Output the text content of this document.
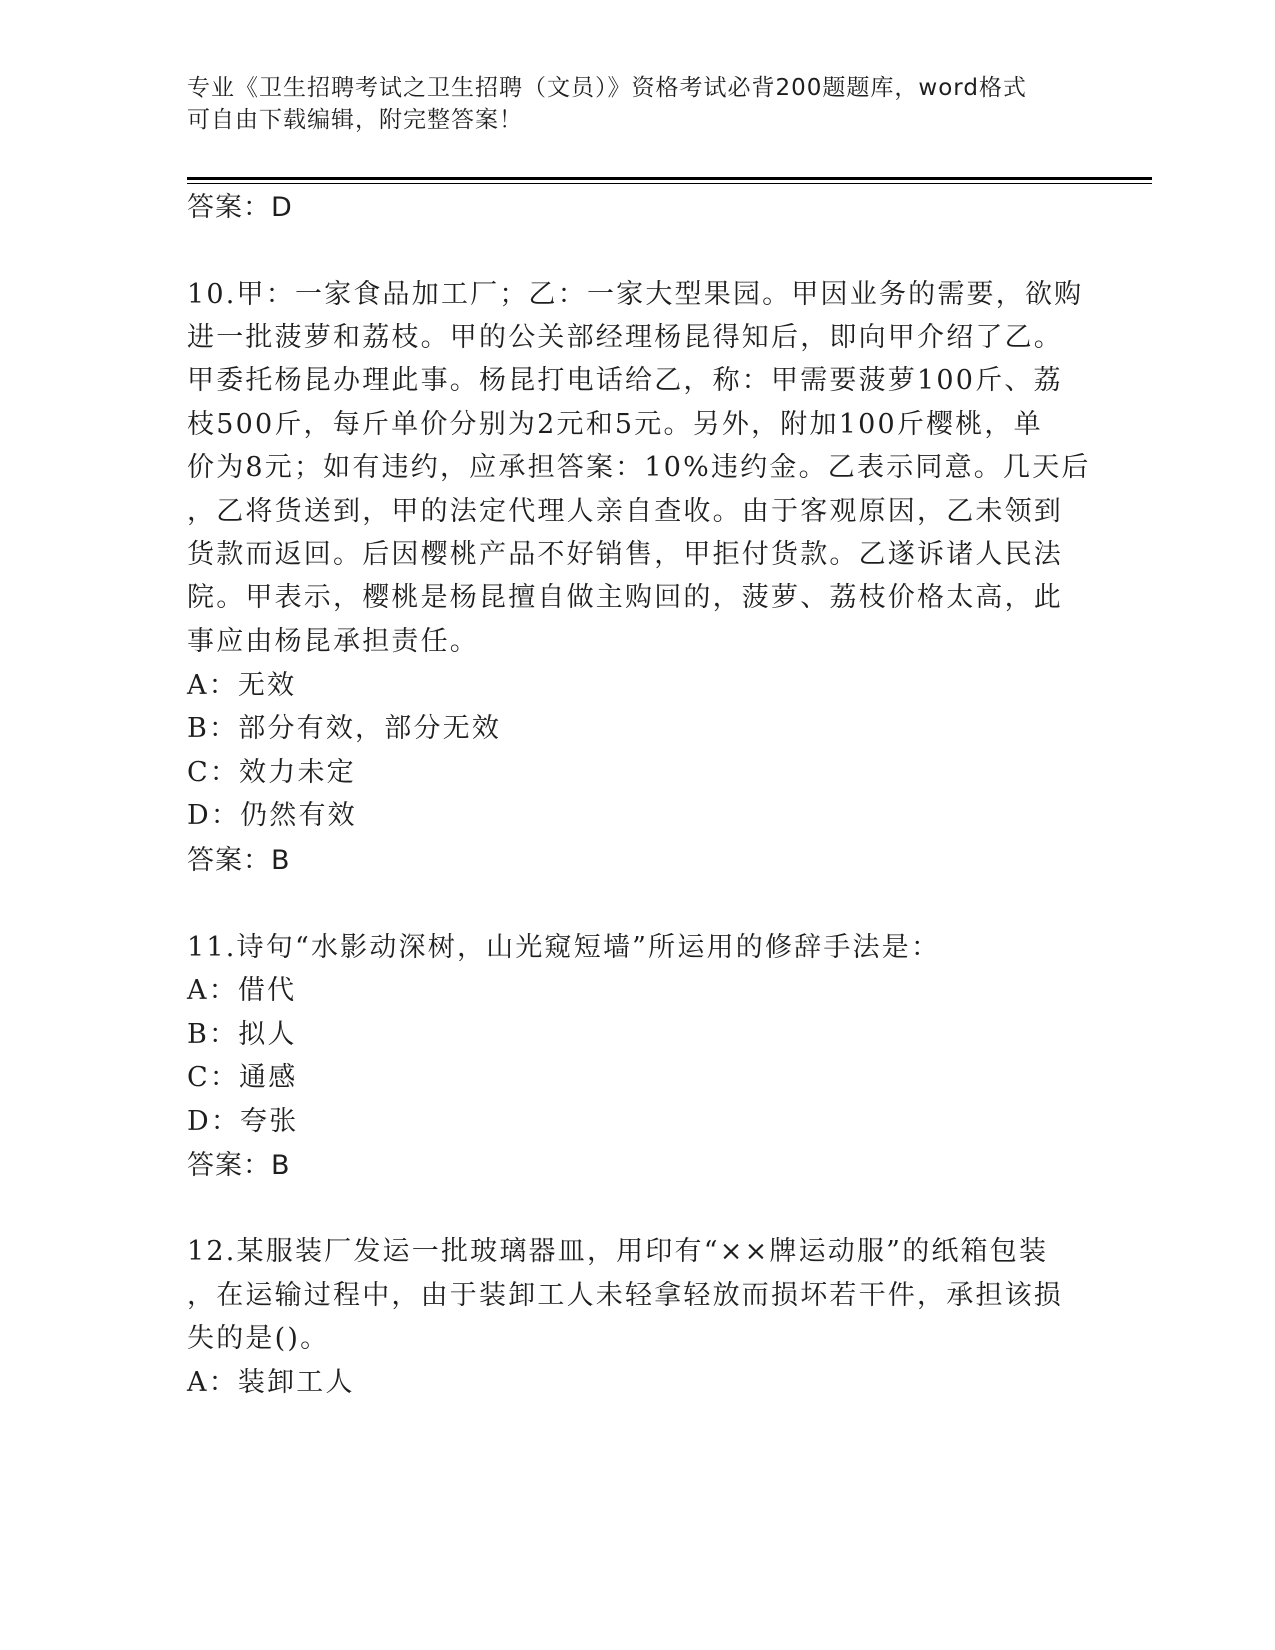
专业《卫生招聘考试之卫生招聘（文员）》资格考试必背200题题库，word格式
可自由下载编辑，附完整答案！
答案：D
10.甲：一家食品加工厂；乙：一家大型果园。甲因业务的需要，欲购
进一批菠萝和荔枝。甲的公关部经理杨昆得知后，即向甲介绍了乙。
甲委托杨昆办理此事。杨昆打电话给乙，称：甲需要菠萝100斤、荔
枝500斤，每斤单价分别为2元和5元。另外，附加100斤樱桃，单
价为8元；如有违约，应承担答案：10%违约金。乙表示同意。几天后
，乙将货送到，甲的法定代理人亲自查收。由于客观原因，乙未领到
货款而返回。后因樱桃产品不好销售，甲拒付货款。乙遂诉诸人民法
院。甲表示，樱桃是杨昆擅自做主购回的，菠萝、荔枝价格太高，此
事应由杨昆承担责任。
A：无效
B：部分有效，部分无效
C：效力未定
D：仍然有效
答案：B
11.诗句“水影动深树，山光窥短墙”所运用的修辞手法是：
A：借代
B：拟人
C：通感
D：夸张
答案：B
12.某服装厂发运一批玻璃器皿，用印有“××牌运动服”的纸箱包装
，在运输过程中，由于装卸工人未轻拿轻放而损坏若干件，承担该损
失的是()。
A：装卸工人
